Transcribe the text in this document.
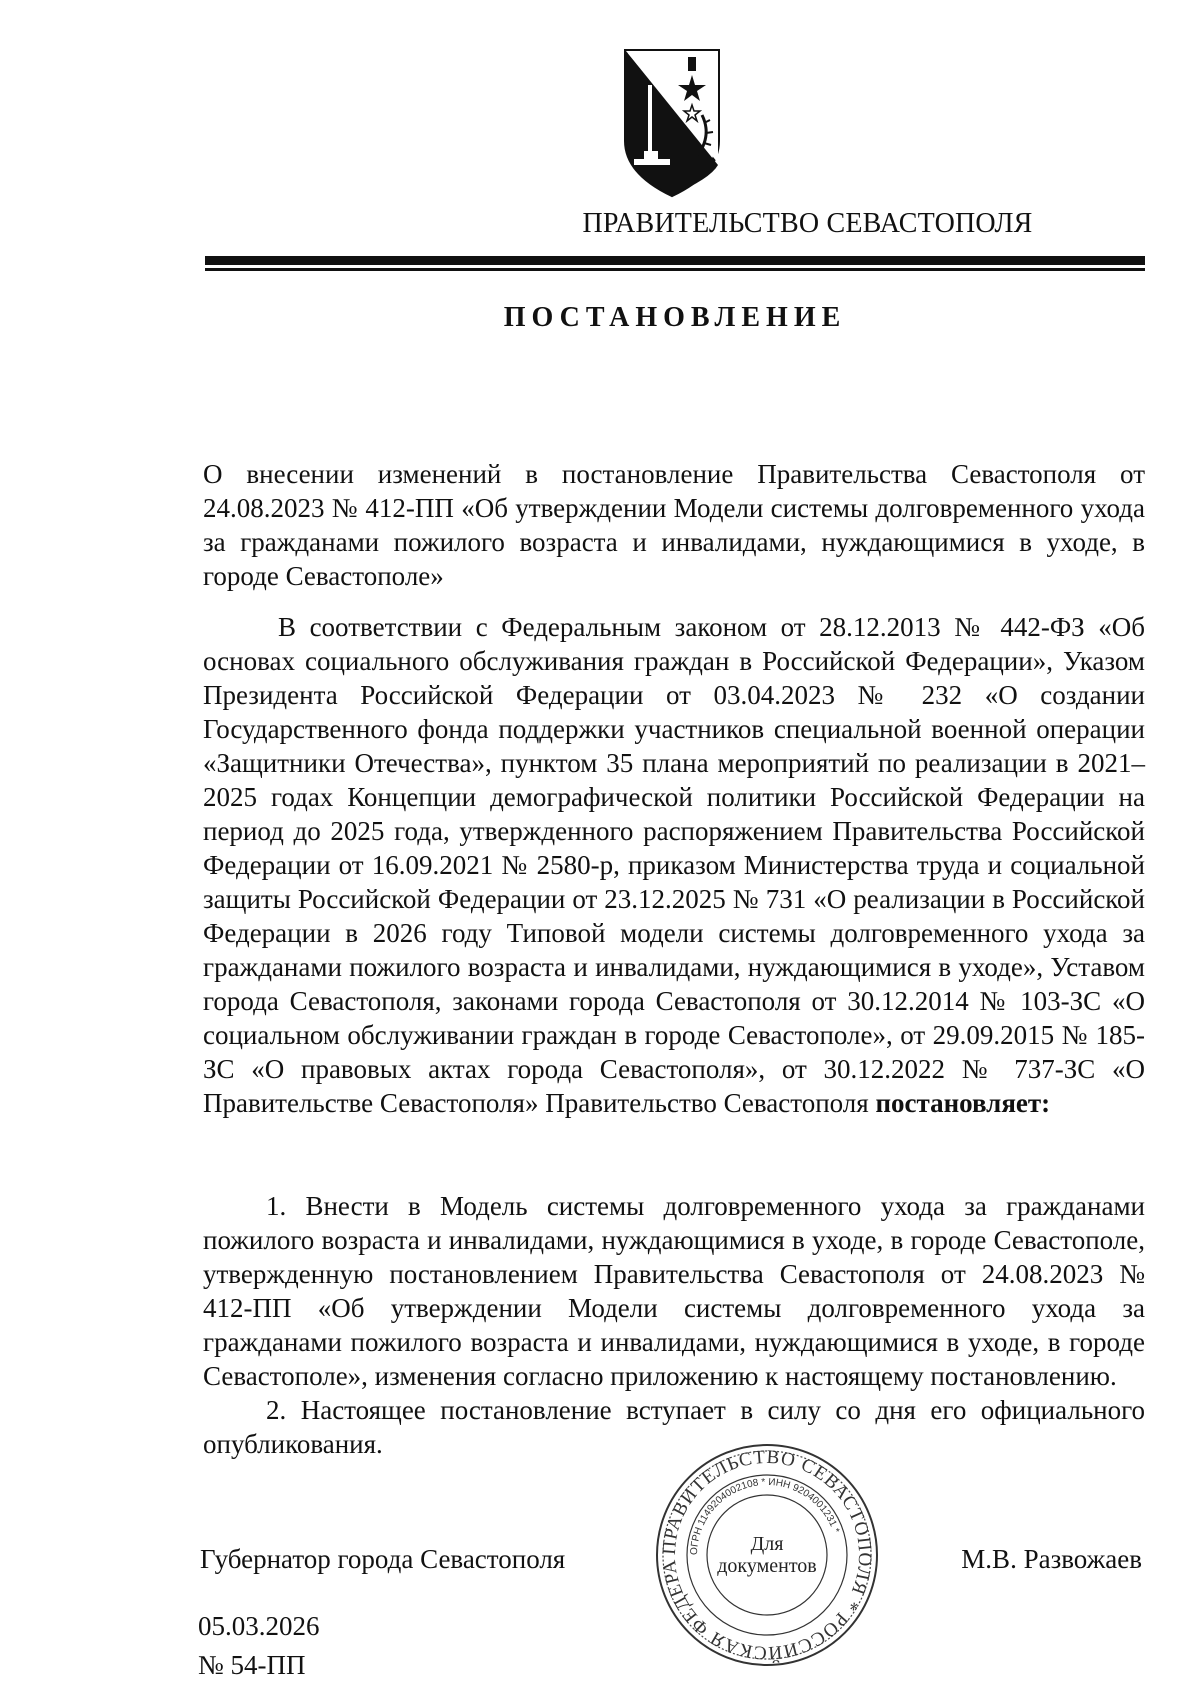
ПРАВИТЕЛЬСТВО СЕВАСТОПОЛЯ
ПОСТАНОВЛЕНИЕ
О внесении изменений в постановление Правительства Севастополя от 24.08.2023 № 412-ПП «Об утверждении Модели системы долговременного ухода за гражданами пожилого возраста и инвалидами, нуждающимися в уходе, в городе Севастополе»
В соответствии с Федеральным законом от 28.12.2013 № 442-ФЗ «Об основах социального обслуживания граждан в Российской Федерации», Указом Президента Российской Федерации от 03.04.2023 № 232 «О создании Государственного фонда поддержки участников специальной военной операции «Защитники Отечества», пунктом 35 плана мероприятий по реализации в 2021–2025 годах Концепции демографической политики Российской Федерации на период до 2025 года, утвержденного распоряжением Правительства Российской Федерации от 16.09.2021 № 2580-р, приказом Министерства труда и социальной защиты Российской Федерации от 23.12.2025 № 731 «О реализации в Российской Федерации в 2026 году Типовой модели системы долговременного ухода за гражданами пожилого возраста и инвалидами, нуждающимися в уходе», Уставом города Севастополя, законами города Севастополя от 30.12.2014 № 103-ЗС «О социальном обслуживании граждан в городе Севастополе», от 29.09.2015 № 185-ЗС «О правовых актах города Севастополя», от 30.12.2022 № 737-ЗС «О Правительстве Севастополя» Правительство Севастополя постановляет:

1. Внести в Модель системы долговременного ухода за гражданами пожилого возраста и инвалидами, нуждающимися в уходе, в городе Севастополе, утвержденную постановлением Правительства Севастополя от 24.08.2023 № 412-ПП «Об утверждении Модели системы долговременного ухода за гражданами пожилого возраста и инвалидами, нуждающимися в уходе, в городе Севастополе», изменения согласно приложению к настоящему постановлению.

2. Настоящее постановление вступает в силу со дня его официального опубликования.

Губернатор города Севастополя	М.В. Развожаев
ПРАВИТЕЛЬСТВО СЕВАСТОПОЛЯ * РОССИЙСКАЯ ФЕДЕРА
ОГРН 1149204002108 * ИНН 9204001231 *
Для
документов
05.03.2026
№ 54-ПП
